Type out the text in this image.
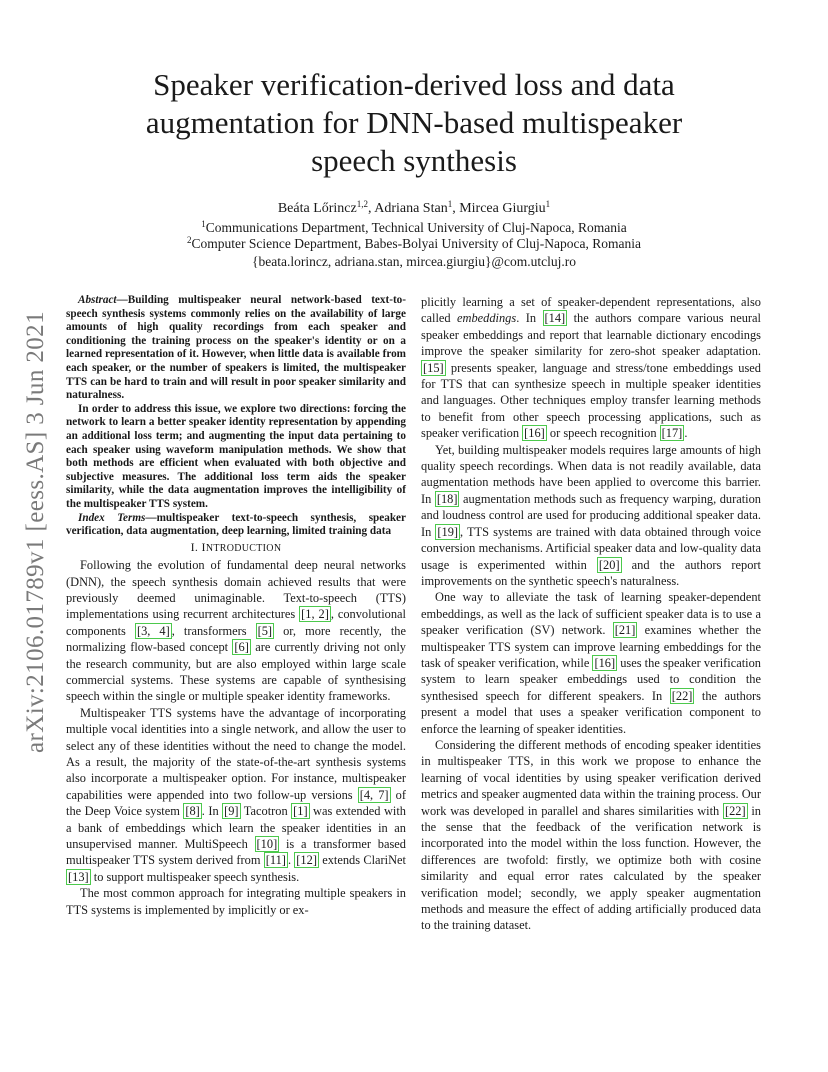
arXiv:2106.01789v1 [eess.AS] 3 Jun 2021
Speaker verification-derived loss and data augmentation for DNN-based multispeaker speech synthesis
Beáta Lőrincz$^{1,2}$, Adriana Stan$^1$, Mircea Giurgiu$^1$
$^1$Communications Department, Technical University of Cluj-Napoca, Romania
$^2$Computer Science Department, Babes-Bolyai University of Cluj-Napoca, Romania
{beata.lorincz, adriana.stan, mircea.giurgiu}@com.utcluj.ro

Abstract—Building multispeaker neural network-based text-to-speech synthesis systems commonly relies on the availability of large amounts of high quality recordings from each speaker and conditioning the training process on the speaker's identity or on a learned representation of it. However, when little data is available from each speaker, or the number of speakers is limited, the multispeaker TTS can be hard to train and will result in poor speaker similarity and naturalness.

In order to address this issue, we explore two directions: forcing the network to learn a better speaker identity representation by appending an additional loss term; and augmenting the input data pertaining to each speaker using waveform manipulation methods. We show that both methods are efficient when evaluated with both objective and subjective measures. The additional loss term aids the speaker similarity, while the data augmentation improves the intelligibility of the multispeaker TTS system.

Index Terms—multispeaker text-to-speech synthesis, speaker verification, data augmentation, deep learning, limited training data

I. INTRODUCTION

Following the evolution of fundamental deep neural networks (DNN), the speech synthesis domain achieved results that were previously deemed unimaginable. Text-to-speech (TTS) implementations using recurrent architectures [1, 2] , convolutional components [3, 4] , transformers [5] or, more recently, the normalizing flow-based concept [6] are currently driving not only the research community, but are also employed within large scale commercial systems. These systems are capable of synthesising speech within the single or multiple speaker identity frameworks.

Multispeaker TTS systems have the advantage of incorporating multiple vocal identities into a single network, and allow the user to select any of these identities without the need to change the model. As a result, the majority of the state-of-the-art synthesis systems also incorporate a multispeaker option. For instance, multispeaker capabilities were appended into two follow-up versions [4, 7] of the Deep Voice system [8] . In [9] Tacotron [1] was extended with a bank of embeddings which learn the speaker identities in an unsupervised manner. MultiSpeech [10] is a transformer based multispeaker TTS system derived from [11] . [12] extends ClariNet [13] to support multispeaker speech synthesis.

The most common approach for integrating multiple speakers in TTS systems is implemented by implicitly or ex-

plicitly learning a set of speaker-dependent representations, also called embeddings. In [14] the authors compare various neural speaker embeddings and report that learnable dictionary encodings improve the speaker similarity for zero-shot speaker adaptation. [15] presents speaker, language and stress/tone embeddings used for TTS that can synthesize speech in multiple speaker identities and languages. Other techniques employ transfer learning methods to benefit from other speech processing applications, such as speaker verification [16] or speech recognition [17] .

Yet, building multispeaker models requires large amounts of high quality speech recordings. When data is not readily available, data augmentation methods have been applied to overcome this barrier. In [18] augmentation methods such as frequency warping, duration and loudness control are used for producing additional speaker data. In [19] , TTS systems are trained with data obtained through voice conversion mechanisms. Artificial speaker data and low-quality data usage is experimented within [20] and the authors report improvements on the synthetic speech's naturalness.

One way to alleviate the task of learning speaker-dependent embeddings, as well as the lack of sufficient speaker data is to use a speaker verification (SV) network. [21] examines whether the multispeaker TTS system can improve learning embeddings for the task of speaker verification, while [16] uses the speaker verification system to learn speaker embeddings used to condition the synthesised speech for different speakers. In [22] the authors present a model that uses a speaker verification component to enforce the learning of speaker identities.

Considering the different methods of encoding speaker identities in multispeaker TTS, in this work we propose to enhance the learning of vocal identities by using speaker verification derived metrics and speaker augmented data within the training process. Our work was developed in parallel and shares similarities with [22] in the sense that the feedback of the verification network is incorporated into the model within the loss function. However, the differences are twofold: firstly, we optimize both with cosine similarity and equal error rates calculated by the speaker verification model; secondly, we apply speaker augmentation methods and measure the effect of adding artificially produced data to the training dataset.
